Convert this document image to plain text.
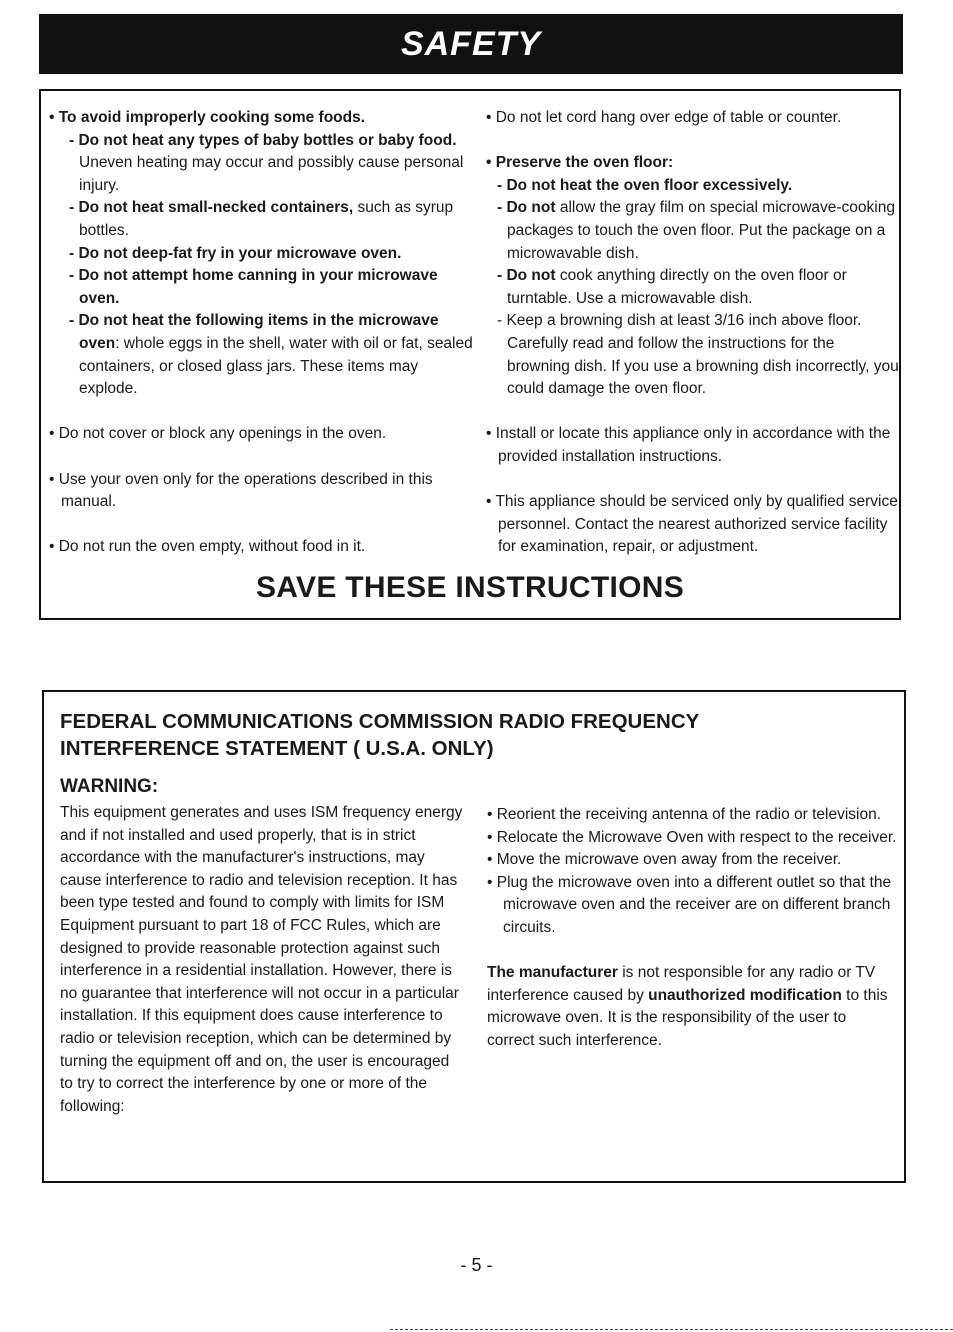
SAFETY

• To avoid improperly cooking some foods.

- Do not heat any types of baby bottles or baby food. Uneven heating may occur and possibly cause personal injury.

- Do not heat small-necked containers, such as syrup bottles.

- Do not deep-fat fry in your microwave oven.

- Do not attempt home canning in your microwave oven.

- Do not heat the following items in the microwave oven: whole eggs in the shell, water with oil or fat, sealed containers, or closed glass jars. These items may explode.

• Do not cover or block any openings in the oven.

• Use your oven only for the operations described in this manual.

• Do not run the oven empty, without food in it.

• Do not let cord hang over edge of table or counter.

• Preserve the oven floor:

- Do not heat the oven floor excessively.

- Do not allow the gray film on special microwave-cooking packages to touch the oven floor. Put the package on a microwavable dish.

- Do not cook anything directly on the oven floor or turntable. Use a microwavable dish.

- Keep a browning dish at least 3/16 inch above floor. Carefully read and follow the instructions for the browning dish. If you use a browning dish incorrectly, you could damage the oven floor.

• Install or locate this appliance only in accordance with the provided installation instructions.

• This appliance should be serviced only by qualified service personnel. Contact the nearest authorized service facility for examination, repair, or adjustment.

SAVE THESE INSTRUCTIONS
FEDERAL COMMUNICATIONS COMMISSION RADIO FREQUENCY
INTERFERENCE STATEMENT ( U.S.A. ONLY)
WARNING:
This equipment generates and uses ISM frequency energy and if not installed and used properly, that is in strict accordance with the manufacturer's instructions, may cause interference to radio and television reception. It has been type tested and found to comply with limits for ISM Equipment pursuant to part 18 of FCC Rules, which are designed to provide reasonable protection against such interference in a residential installation. However, there is no guarantee that interference will not occur in a particular installation. If this equipment does cause interference to radio or television reception, which can be determined by turning the equipment off and on, the user is encouraged to try to correct the interference by one or more of the following:

• Reorient the receiving antenna of the radio or television.

• Relocate the Microwave Oven with respect to the receiver.

• Move the microwave oven away from the receiver.

• Plug the microwave oven into a different outlet so that the microwave oven and the receiver are on different branch circuits.

The manufacturer is not responsible for any radio or TV interference caused by unauthorized modification to this microwave oven. It is the responsibility of the user to correct such interference.

- 5 -
